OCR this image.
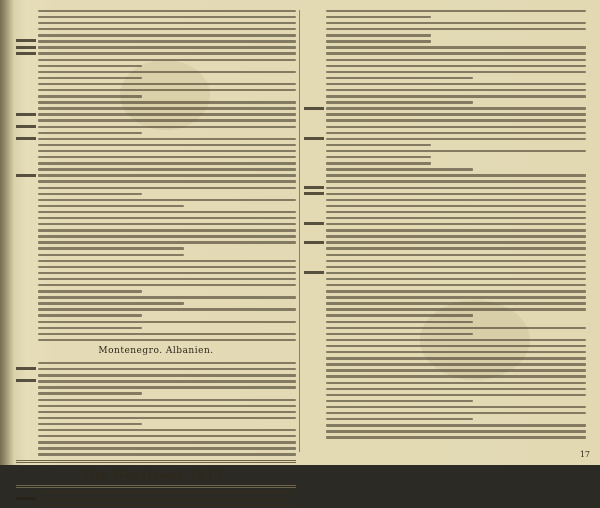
Montenegro. Albanien.
Die Westfront 1915.
17
